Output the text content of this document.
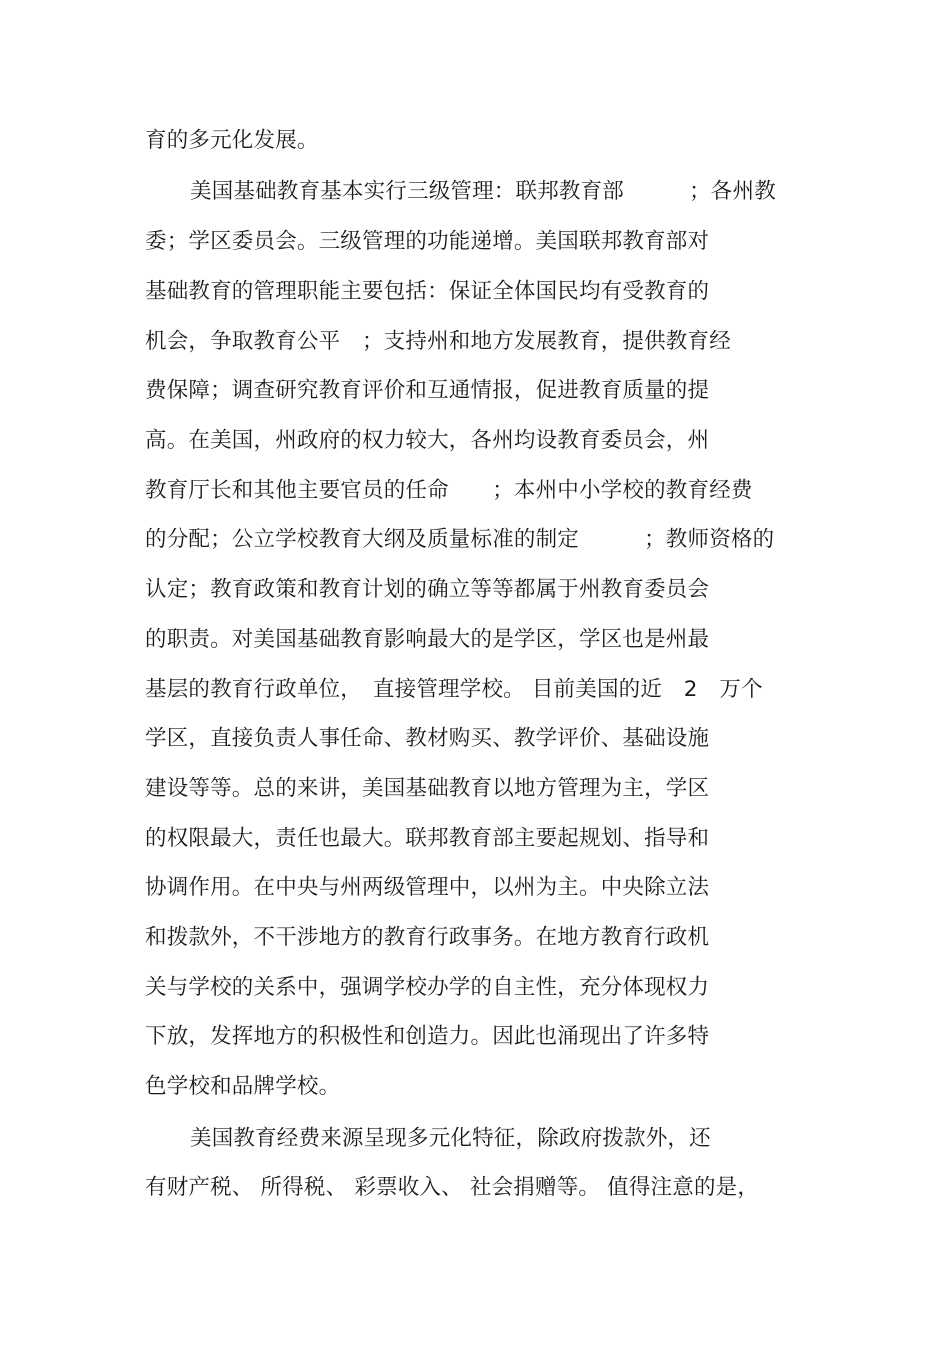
育的多元化发展。
美国基础教育基本实行三级管理：联邦教育部　　　；各州教
委；学区委员会。三级管理的功能递增。美国联邦教育部对
基础教育的管理职能主要包括：保证全体国民均有受教育的
机会，争取教育公平　；支持州和地方发展教育，提供教育经
费保障；调查研究教育评价和互通情报，促进教育质量的提
高。在美国，州政府的权力较大，各州均设教育委员会，州
教育厅长和其他主要官员的任命　　；本州中小学校的教育经费
的分配；公立学校教育大纲及质量标准的制定　　　；教师资格的
认定；教育政策和教育计划的确立等等都属于州教育委员会
的职责。对美国基础教育影响最大的是学区，学区也是州最
基层的教育行政单位，　直接管理学校。 目前美国的近　2　万个
学区，直接负责人事任命、教材购买、教学评价、基础设施
建设等等。总的来讲，美国基础教育以地方管理为主，学区
的权限最大，责任也最大。联邦教育部主要起规划、指导和
协调作用。在中央与州两级管理中，以州为主。中央除立法
和拨款外，不干涉地方的教育行政事务。在地方教育行政机
关与学校的关系中，强调学校办学的自主性，充分体现权力
下放，发挥地方的积极性和创造力。因此也涌现出了许多特
色学校和品牌学校。
美国教育经费来源呈现多元化特征，除政府拨款外，还
有财产税、 所得税、 彩票收入、 社会捐赠等。 值得注意的是，
